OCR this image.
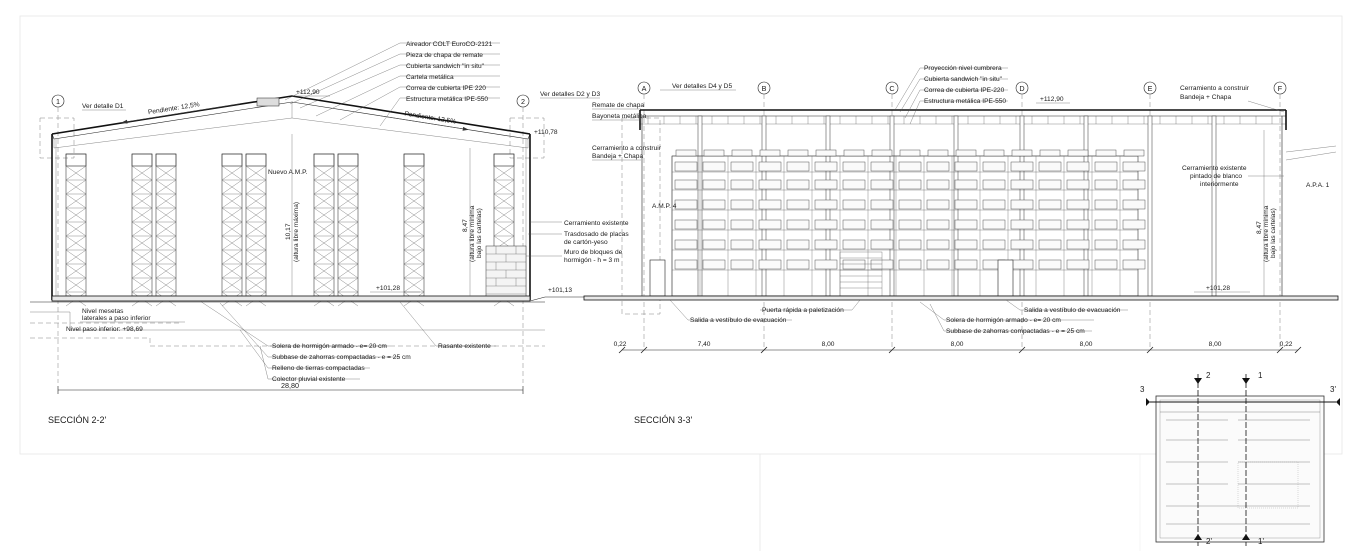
1	2
28,80
Aireador COLT EuroCO-2121
Pieza de chapa de remate
Cubierta sandwich "in situ"
Cartela metálica
Correa de cubierta IPE 220
Estructura metálica IPE-550
Ver detalle D1
Ver detalles D2 y D3
Pendiente: 12,5%
Pendiente: 12,5%
+112,90
+110,78
+101,28	+101,13
Nuevo A.M.P.
10,17 (altura libre máxima)	8,47 (altura libre mínima bajo las cartelas)	Cerramiento existente
Trasdosado de placas
de cartón-yeso
Muro de bloques de
hormigón - h = 3 m
Nivel mesetas
laterales a paso inferior
Nivel paso inferior: +98,69
Solera de hormigón armado - e= 20 cm
Subbase de zahorras compactadas - e = 25 cm
Relleno de tierras compactadas
Colector pluvial existente
Rasante existente
SECCIÓN 2-2'
A	B	C	D	E	F
0,22	7,40	8,00	8,00	8,00	8,00	0,22
Ver detalles D4 y D5
Remate de chapa
Bayoneta metálica
Cerramiento a construir
Bandeja + Chapa
A.M.P. 4
Proyección nivel cumbrera
Cubierta sandwich "in situ"
Correa de cubierta IPE-220
Estructura metálica IPE-550	+112,90
Cerramiento a construir
Bandeja + Chapa
Cerramiento existente
pintado de blanco
interiormente	A.P.A. 1
8,47 (altura libre mínima bajo las cartelas)
+101,28
Puerta rápida a paletización
Salida a vestíbulo de evacuación
Salida a vestíbulo de evacuación
Solera de hormigón armado - e= 20 cm
Subbase de zahorras compactadas - e = 25 cm
SECCIÓN 3-3'
3	3'
2	1
2'	1'
